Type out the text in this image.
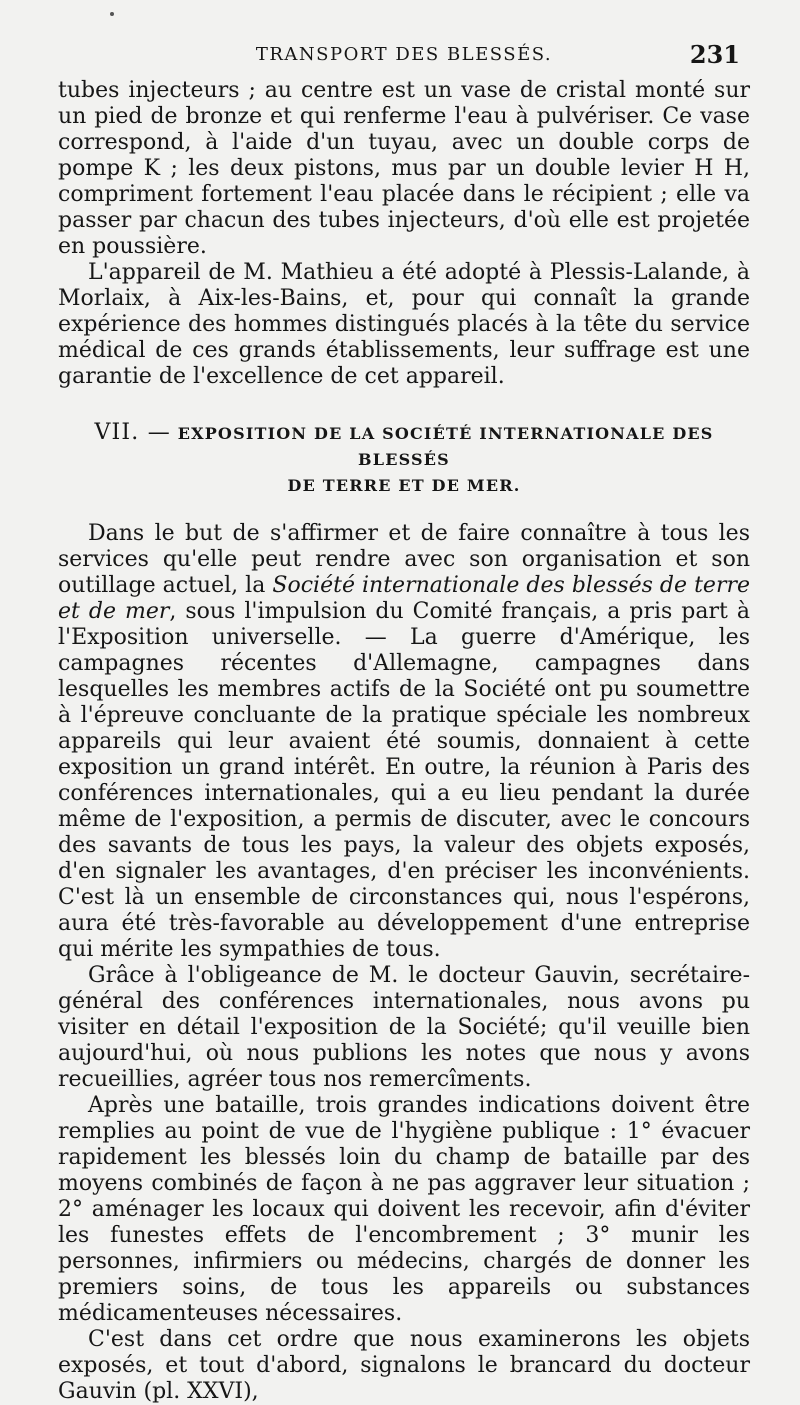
TRANSPORT DES BLESSÉS.	231

tubes injecteurs ; au centre est un vase de cristal monté sur un pied de bronze et qui renferme l'eau à pulvériser. Ce vase correspond, à l'aide d'un tuyau, avec un double corps de pompe K ; les deux pistons, mus par un double levier H H, compriment fortement l'eau placée dans le récipient ; elle va passer par chacun des tubes injecteurs, d'où elle est projetée en poussière.

L'appareil de M. Mathieu a été adopté à Plessis-Lalande, à Morlaix, à Aix-les-Bains, et, pour qui connaît la grande expérience des hommes distingués placés à la tête du service médical de ces grands établissements, leur suffrage est une garantie de l'excellence de cet appareil.

VII. — EXPOSITION DE LA SOCIÉTÉ INTERNATIONALE DES BLESSÉS
DE TERRE ET DE MER.

Dans le but de s'affirmer et de faire connaître à tous les services qu'elle peut rendre avec son organisation et son outillage actuel, la Société internationale des blessés de terre et de mer, sous l'impulsion du Comité français, a pris part à l'Exposition universelle. — La guerre d'Amérique, les campagnes récentes d'Allemagne, campagnes dans lesquelles les membres actifs de la Société ont pu soumettre à l'épreuve concluante de la pratique spéciale les nombreux appareils qui leur avaient été soumis, donnaient à cette exposition un grand intérêt. En outre, la réunion à Paris des conférences internationales, qui a eu lieu pendant la durée même de l'exposition, a permis de discuter, avec le concours des savants de tous les pays, la valeur des objets exposés, d'en signaler les avantages, d'en préciser les inconvénients. C'est là un ensemble de circonstances qui, nous l'espérons, aura été très-favorable au développement d'une entreprise qui mérite les sympathies de tous.

Grâce à l'obligeance de M. le docteur Gauvin, secrétaire-général des conférences internationales, nous avons pu visiter en détail l'exposition de la Société; qu'il veuille bien aujourd'hui, où nous publions les notes que nous y avons recueillies, agréer tous nos remercîments.

Après une bataille, trois grandes indications doivent être remplies au point de vue de l'hygiène publique : 1° évacuer rapidement les blessés loin du champ de bataille par des moyens combinés de façon à ne pas aggraver leur situation ; 2° aménager les locaux qui doivent les recevoir, afin d'éviter les funestes effets de l'encombrement ; 3° munir les personnes, infirmiers ou médecins, chargés de donner les premiers soins, de tous les appareils ou substances médicamenteuses nécessaires.

C'est dans cet ordre que nous examinerons les objets exposés, et tout d'abord, signalons le brancard du docteur Gauvin (pl. XXVI),
